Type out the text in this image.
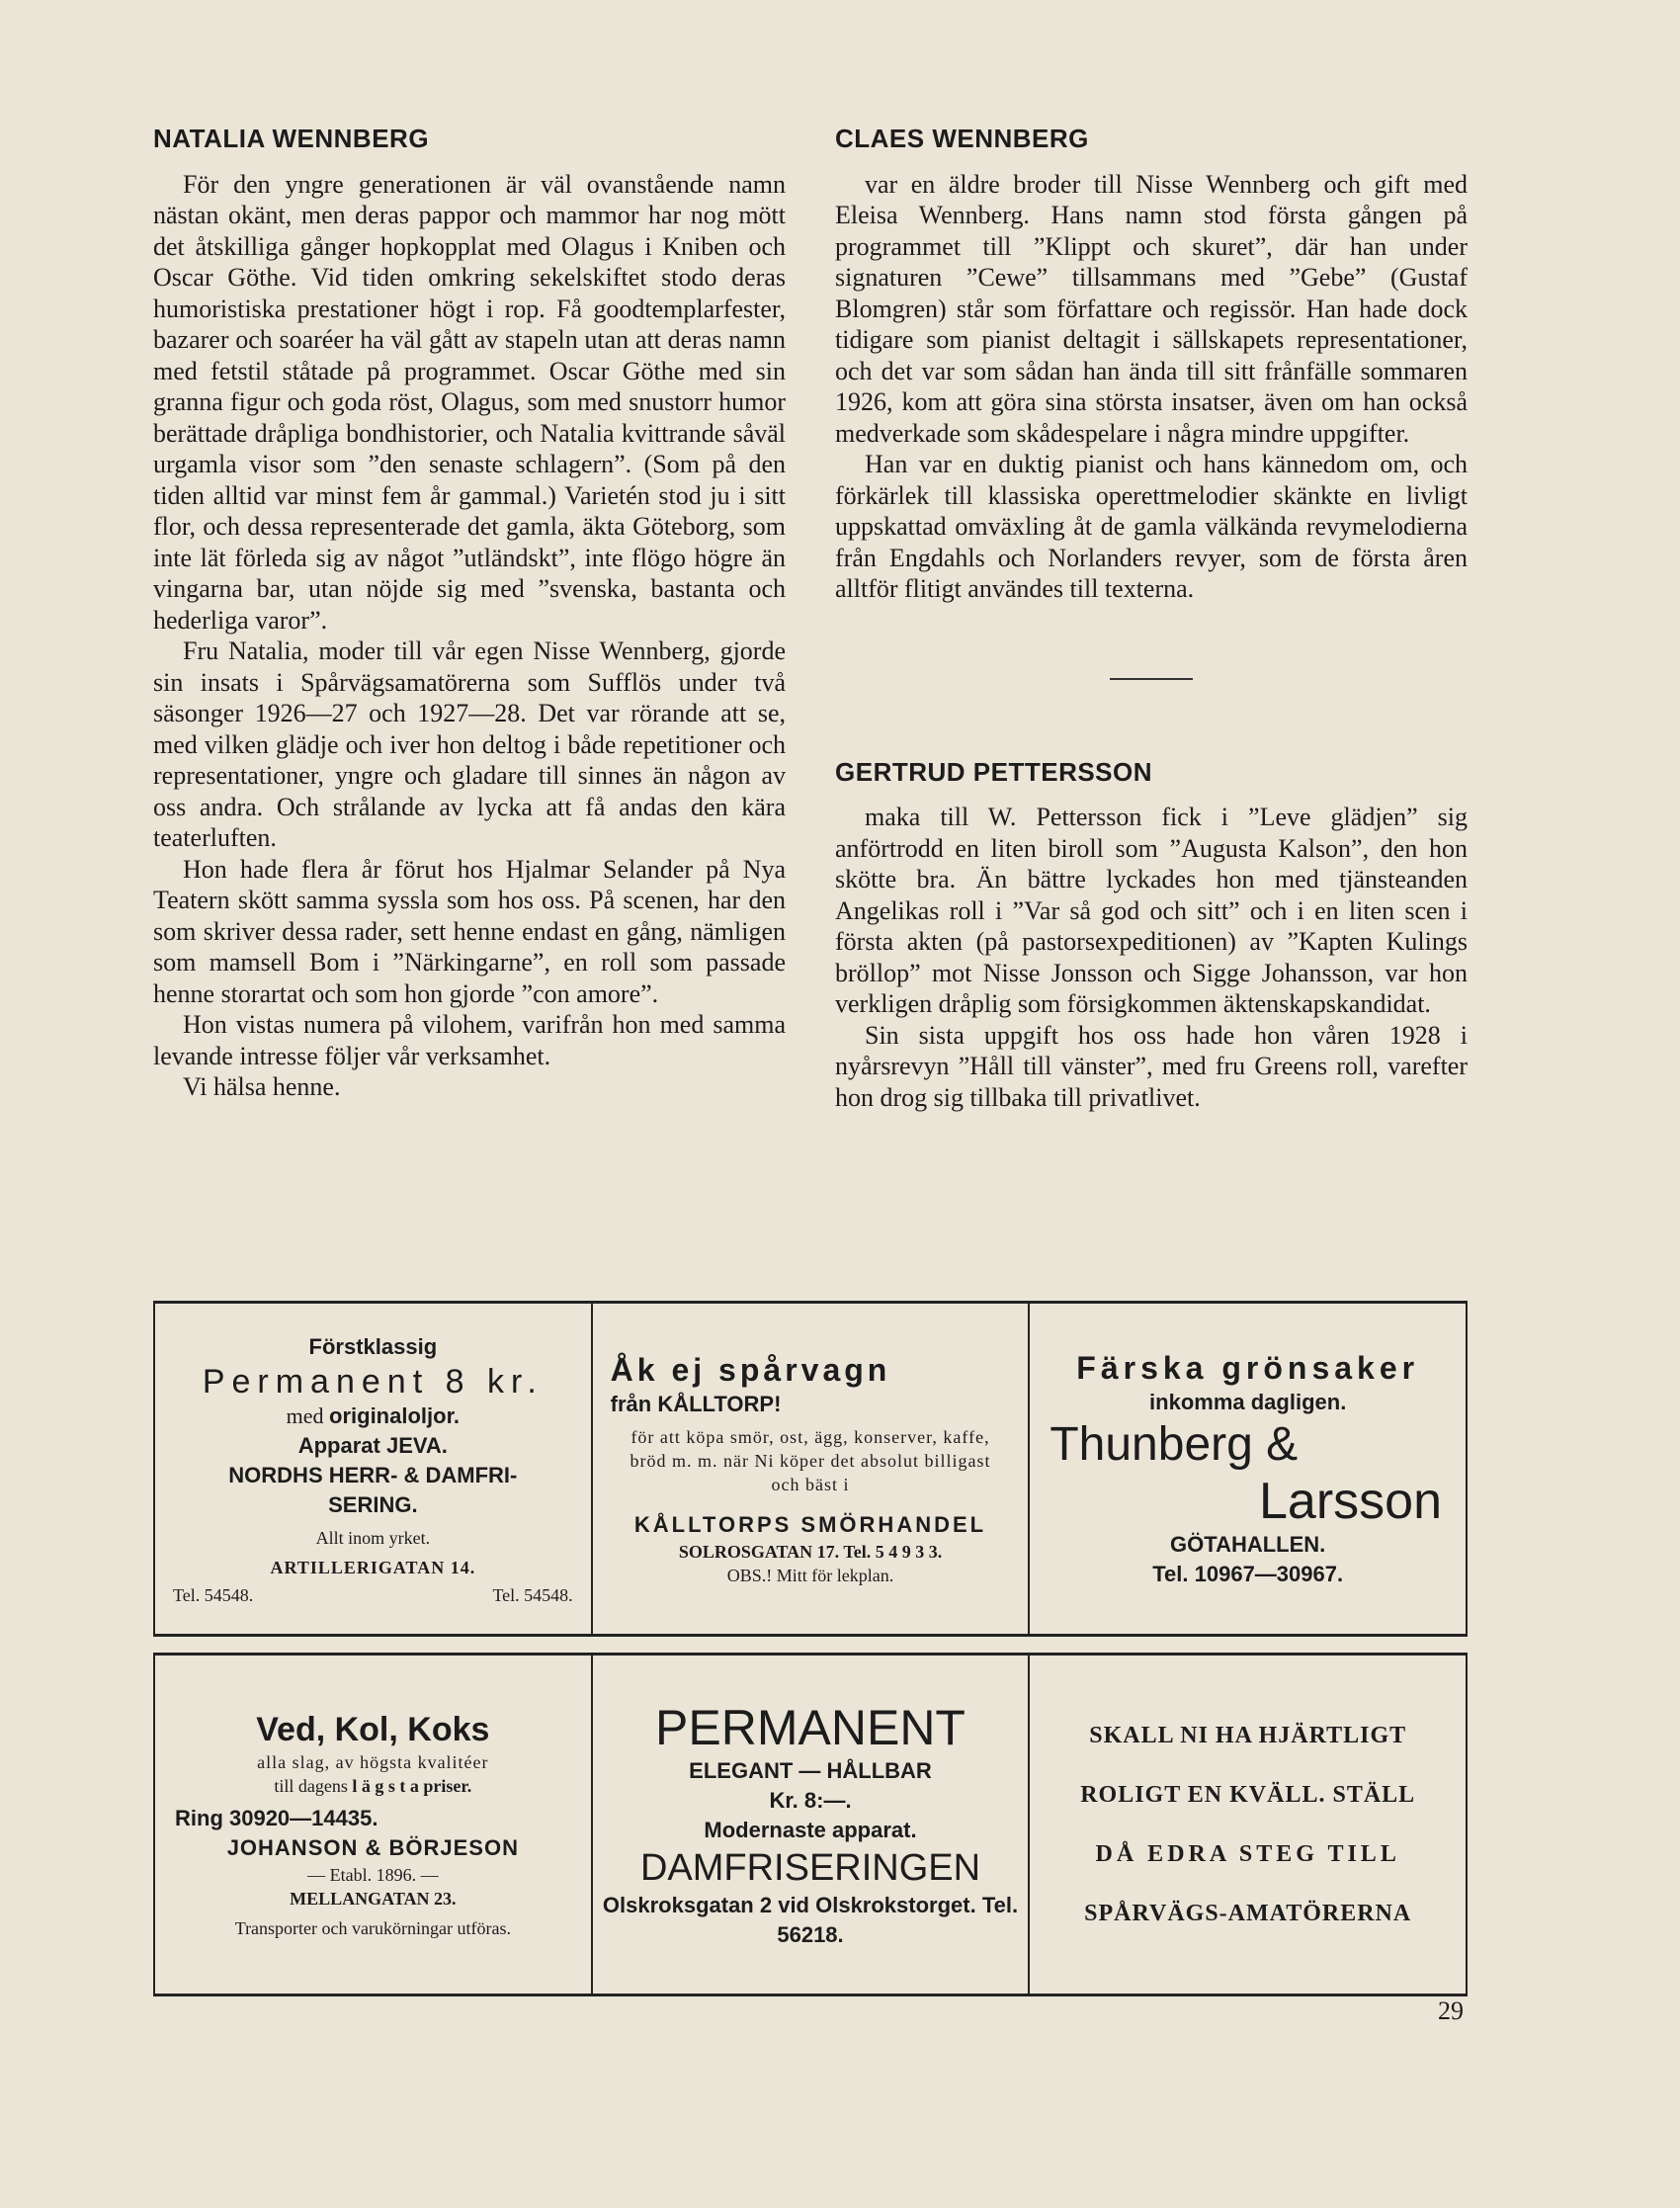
NATALIA WENNBERG

För den yngre generationen är väl ovanstående namn nästan okänt, men deras pappor och mammor har nog mött det åtskilliga gånger hopkopplat med Olagus i Kniben och Oscar Göthe. Vid tiden omkring sekelskiftet stodo deras humoristiska prestationer högt i rop. Få goodtemplarfester, bazarer och soaréer ha väl gått av stapeln utan att deras namn med fetstil ståtade på programmet. Oscar Göthe med sin granna figur och goda röst, Olagus, som med snustorr humor berättade dråpliga bondhistorier, och Natalia kvittrande såväl urgamla visor som ”den senaste schlagern”. (Som på den tiden alltid var minst fem år gammal.) Varietén stod ju i sitt flor, och dessa representerade det gamla, äkta Göteborg, som inte lät förleda sig av något ”utländskt”, inte flögo högre än vingarna bar, utan nöjde sig med ”svenska, bastanta och hederliga varor”.

Fru Natalia, moder till vår egen Nisse Wennberg, gjorde sin insats i Spårvägsamatörerna som Sufflös under två säsonger 1926—27 och 1927—28. Det var rörande att se, med vilken glädje och iver hon deltog i både repetitioner och representationer, yngre och gladare till sinnes än någon av oss andra. Och strålande av lycka att få andas den kära teaterluften.

Hon hade flera år förut hos Hjalmar Selander på Nya Teatern skött samma syssla som hos oss. På scenen, har den som skriver dessa rader, sett henne endast en gång, nämligen som mamsell Bom i ”Närkingarne”, en roll som passade henne storartat och som hon gjorde ”con amore”.

Hon vistas numera på vilohem, varifrån hon med samma levande intresse följer vår verksamhet.

Vi hälsa henne.

CLAES WENNBERG

var en äldre broder till Nisse Wennberg och gift med Eleisa Wennberg. Hans namn stod första gången på programmet till ”Klippt och skuret”, där han under signaturen ”Cewe” tillsammans med ”Gebe” (Gustaf Blomgren) står som författare och regissör. Han hade dock tidigare som pianist deltagit i sällskapets representationer, och det var som sådan han ända till sitt frånfälle sommaren 1926, kom att göra sina största insatser, även om han också medverkade som skådespelare i några mindre uppgifter.

Han var en duktig pianist och hans kännedom om, och förkärlek till klassiska operettmelodier skänkte en livligt uppskattad omväxling åt de gamla välkända revymelodierna från Engdahls och Norlanders revyer, som de första åren alltför flitigt användes till texterna.

GERTRUD PETTERSSON

maka till W. Pettersson fick i ”Leve glädjen” sig anförtrodd en liten biroll som ”Augusta Kalson”, den hon skötte bra. Än bättre lyckades hon med tjänsteanden Angelikas roll i ”Var så god och sitt” och i en liten scen i första akten (på pastorsexpeditionen) av ”Kapten Kulings bröllop” mot Nisse Jonsson och Sigge Johansson, var hon verkligen dråplig som försigkommen äktenskapskandidat.

Sin sista uppgift hos oss hade hon våren 1928 i nyårsrevyn ”Håll till vänster”, med fru Greens roll, varefter hon drog sig tillbaka till privatlivet.

Förstklassig
Permanent 8 kr.
med originaloljor.
Apparat JEVA.
NORDHS HERR- & DAMFRI-
SERING.
Allt inom yrket.
ARTILLERIGATAN 14.
Tel. 54548.	Tel. 54548.
Åk ej spårvagn
från KÅLLTORP!
för att köpa smör, ost, ägg, konserver, kaffe, bröd m. m. när Ni köper det absolut billigast och bäst i
KÅLLTORPS SMÖRHANDEL
SOLROSGATAN 17. Tel. 5 4 9 3 3.
OBS.! Mitt för lekplan.
Färska grönsaker
inkomma dagligen.
Thunberg &
Larsson
GÖTAHALLEN.
Tel. 10967—30967.
Ved, Kol, Koks
alla slag, av högsta kvalitéer
till dagens l ä g s t a priser.
Ring 30920—14435.
JOHANSON & BÖRJESON
— Etabl. 1896. —
MELLANGATAN 23.
Transporter och varukörningar utföras.
PERMANENT
ELEGANT — HÅLLBAR
Kr. 8:—.
Modernaste apparat.
DAMFRISERINGEN
Olskroksgatan 2 vid Olskrokstorget. Tel. 56218.
SKALL NI HA HJÄRTLIGT
ROLIGT EN KVÄLL. STÄLL
DÅ EDRA STEG TILL
SPÅRVÄGS-AMATÖRERNA
29
